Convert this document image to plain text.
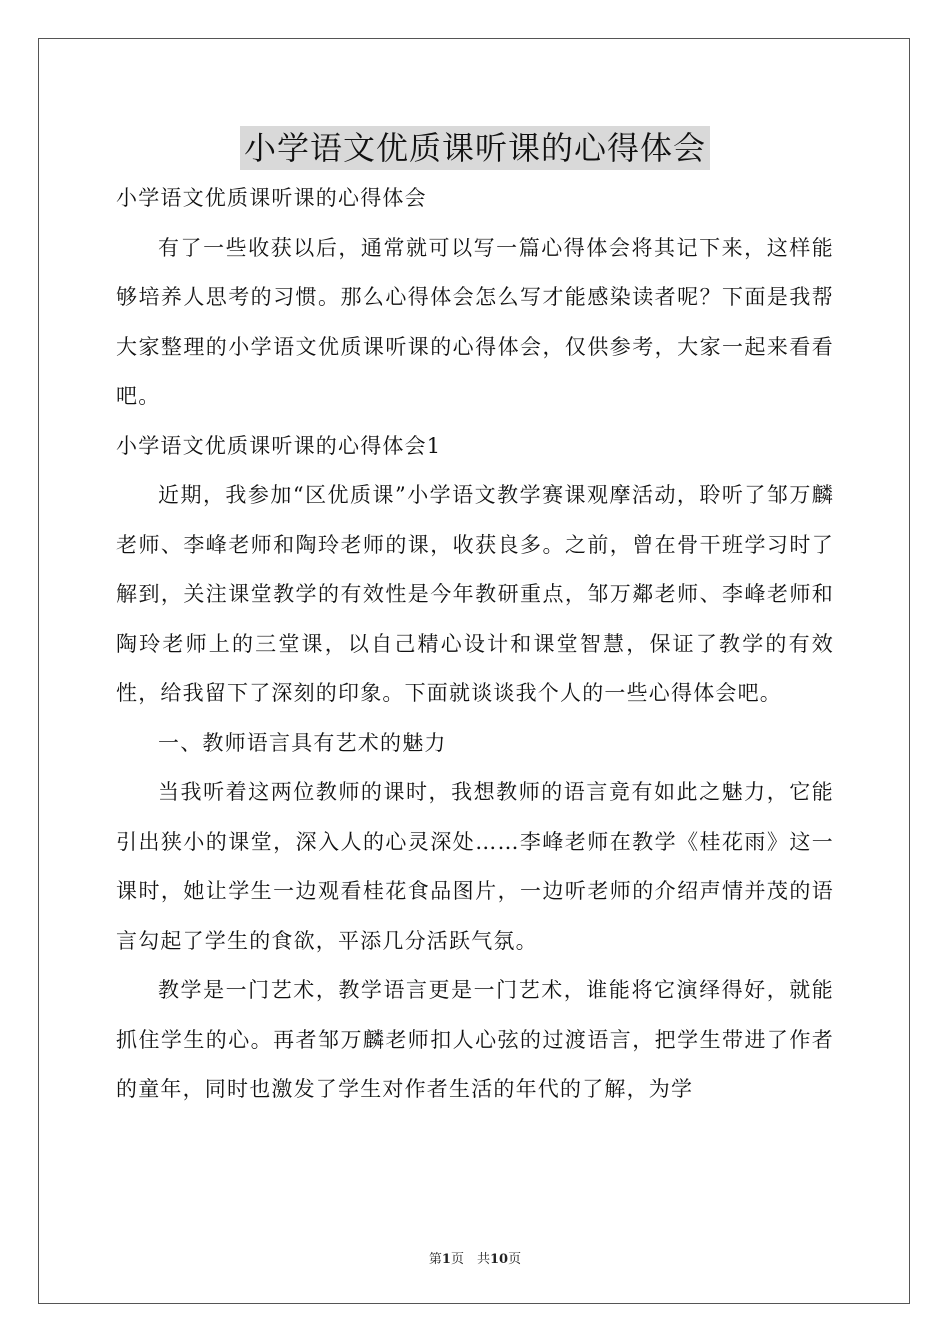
小学语文优质课听课的心得体会

小学语文优质课听课的心得体会

有了一些收获以后，通常就可以写一篇心得体会将其记下来，这样能够培养人思考的习惯。那么心得体会怎么写才能感染读者呢？下面是我帮大家整理的小学语文优质课听课的心得体会，仅供参考，大家一起来看看吧。

小学语文优质课听课的心得体会1

近期，我参加“区优质课”小学语文教学赛课观摩活动，聆听了邹万麟老师、李峰老师和陶玲老师的课，收获良多。之前，曾在骨干班学习时了解到，关注课堂教学的有效性是今年教研重点，邹万鄰老师、李峰老师和陶玲老师上的三堂课，以自己精心设计和课堂智慧，保证了教学的有效性，给我留下了深刻的印象。下面就谈谈我个人的一些心得体会吧。

一、教师语言具有艺术的魅力

当我听着这两位教师的课时，我想教师的语言竟有如此之魅力，它能引出狭小的课堂，深入人的心灵深处……李峰老师在教学《桂花雨》这一课时，她让学生一边观看桂花食品图片，一边听老师的介绍声情并茂的语言勾起了学生的食欲，平添几分活跃气氛。

教学是一门艺术，教学语言更是一门艺术，谁能将它演绎得好，就能抓住学生的心。再者邹万麟老师扣人心弦的过渡语言，把学生带进了作者的童年，同时也激发了学生对作者生活的年代的了解，为学

第1页　共10页
